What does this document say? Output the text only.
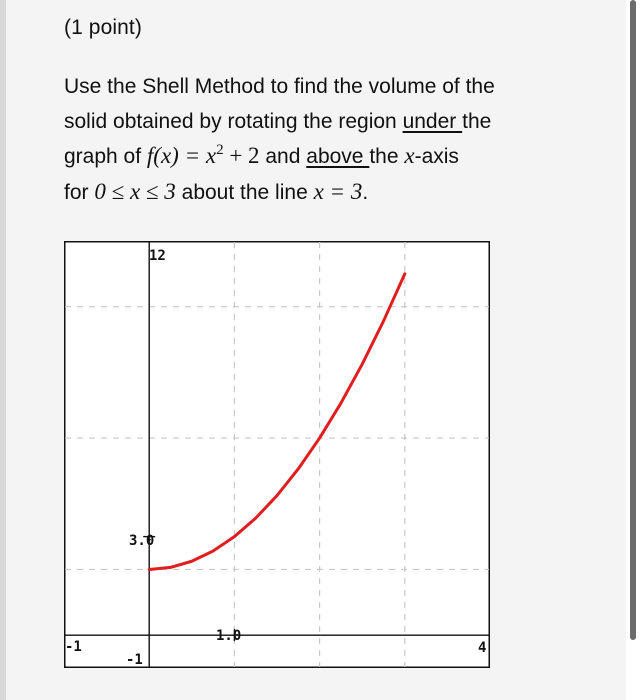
(1 point)

Use the Shell Method to find the volume of the

solid obtained by rotating the region under the

graph of $f(x) = x^2 + 2$ and above the x-axis

for 0 ≤ x ≤ 3 about the line x = 3.

12
3.0
1.0
-1
-1
4
